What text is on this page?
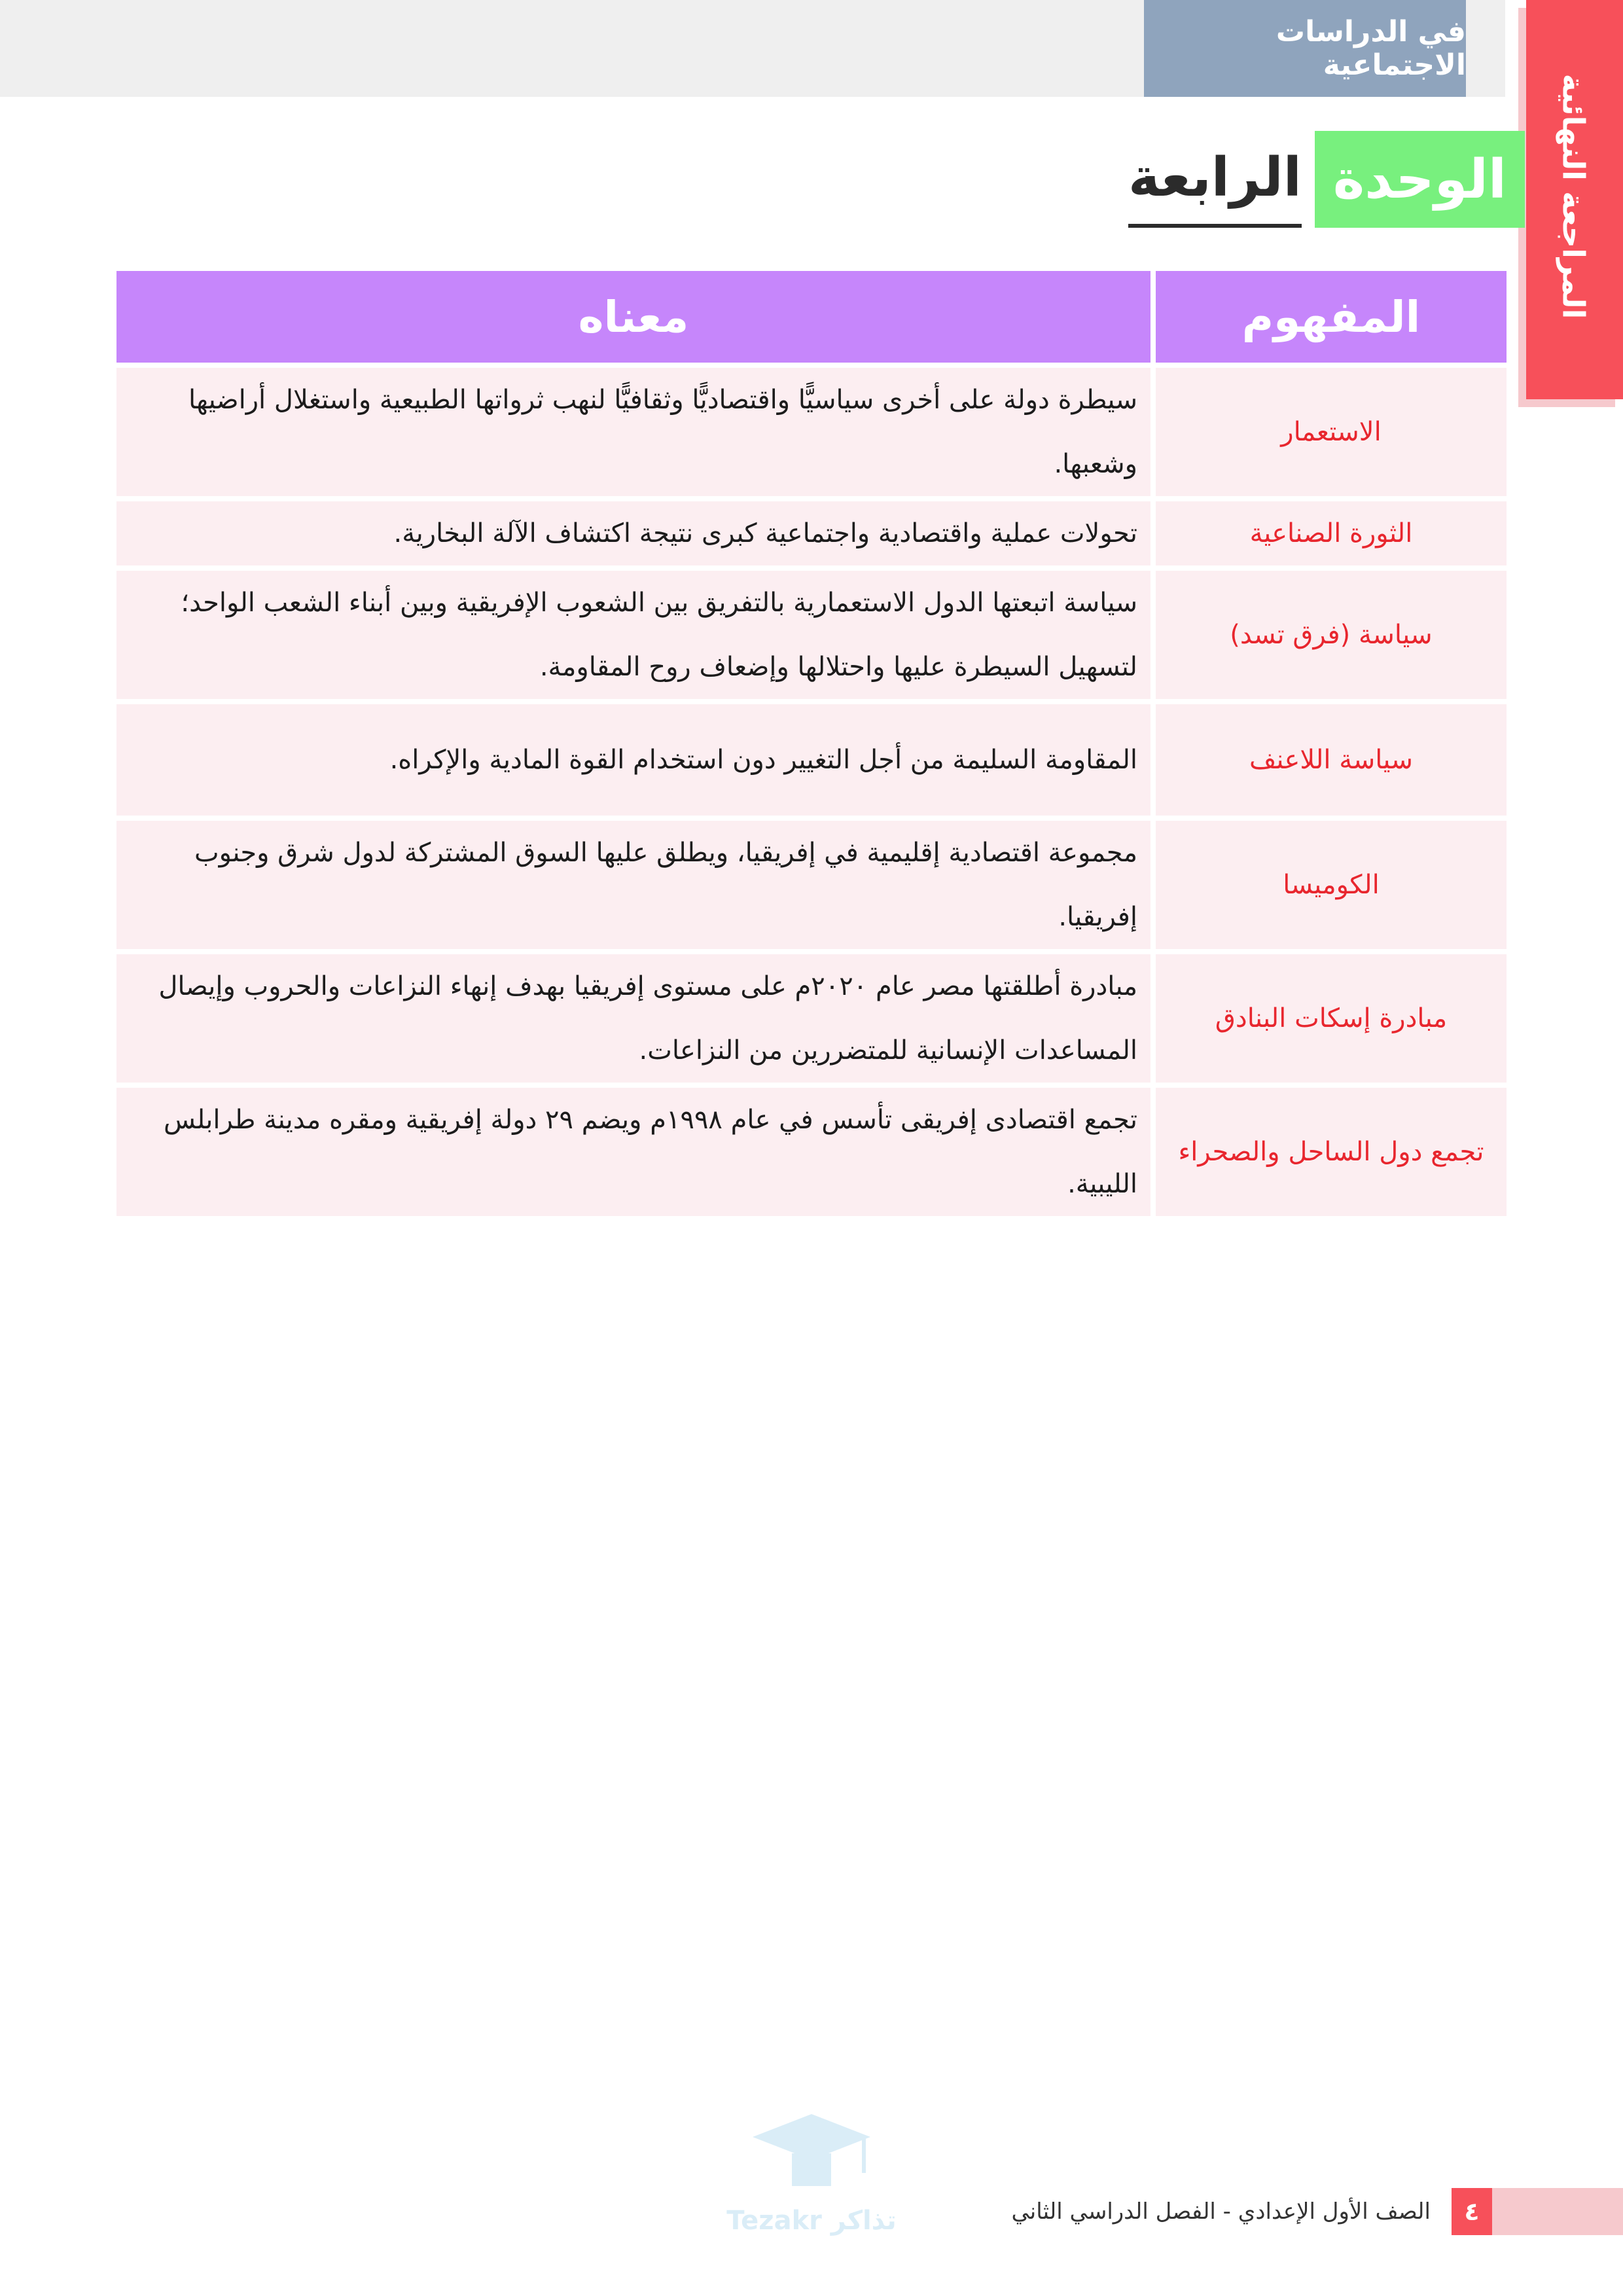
في الدراسات الاجتماعية
المراجعة النهائية
الوحدة
الرابعة
المفهوم	معناه
الاستعمار	سيطرة دولة على أخرى سياسيًّا واقتصاديًّا وثقافيًّا لنهب ثرواتها الطبيعية واستغلال أراضيها وشعبها.
الثورة الصناعية	تحولات عملية واقتصادية واجتماعية كبرى نتيجة اكتشاف الآلة البخارية.
سياسة (فرق تسد)	سياسة اتبعتها الدول الاستعمارية بالتفريق بين الشعوب الإفريقية وبين أبناء الشعب الواحد؛ لتسهيل السيطرة عليها واحتلالها وإضعاف روح المقاومة.
سياسة اللاعنف	المقاومة السليمة من أجل التغيير دون استخدام القوة المادية والإكراه.
الكوميسا	مجموعة اقتصادية إقليمية في إفريقيا، ويطلق عليها السوق المشتركة لدول شرق وجنوب إفريقيا.
مبادرة إسكات البنادق	مبادرة أطلقتها مصر عام ٢٠٢٠م على مستوى إفريقيا بهدف إنهاء النزاعات والحروب وإيصال المساعدات الإنسانية للمتضررين من النزاعات.
تجمع دول الساحل والصحراء	تجمع اقتصادى إفريقى تأسس في عام ١٩٩٨م ويضم ٢٩ دولة إفريقية ومقره مدينة طرابلس الليبية.
Tezakr تذاكر	٤
الصف الأول الإعدادي - الفصل الدراسي الثاني
